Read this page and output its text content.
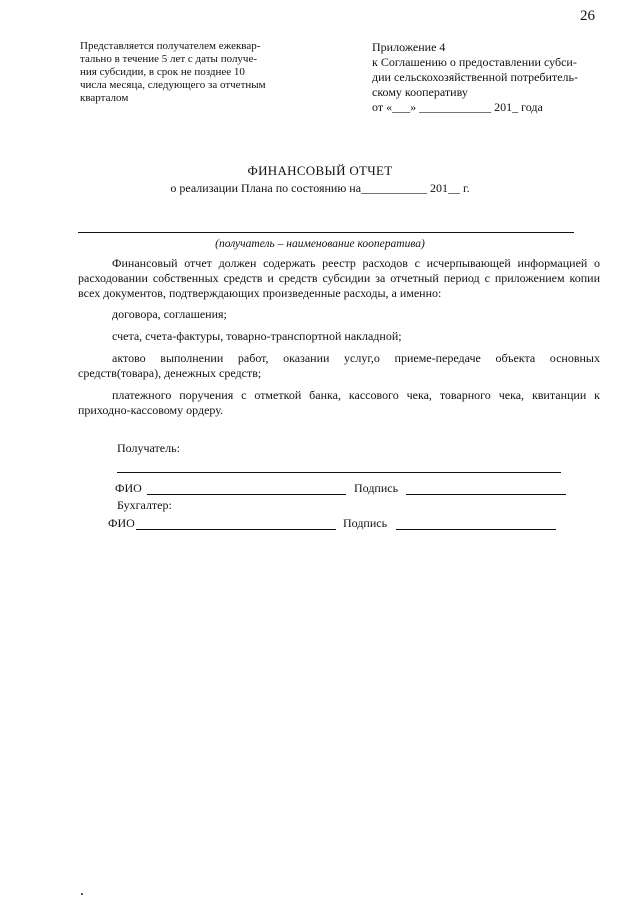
26
Представляется получателем ежеквар-
тально в течение 5 лет с даты получе-
ния субсидии, в срок не позднее 10
числа месяца, следующего за отчетным
кварталом
Приложение 4
к Соглашению о предоставлении субси-
дии сельскохозяйственной потребитель-
скому кооперативу
от «___» ____________ 201_ года
ФИНАНСОВЫЙ ОТЧЕТ
о реализации Плана по состоянию на___________ 201__ г.
(получатель – наименование кооператива)

Финансовый отчет должен содержать реестр расходов с исчерпывающей информацией о расходовании собственных средств и средств субсидии за отчетный период с приложением копии всех документов, подтверждающих произведенные расходы, а именно:

договора, соглашения;

счета, счета-фактуры, товарно-транспортной накладной;

актово выполнении работ, оказании услуг,о приеме-передаче объекта основных средств(товара), денежных средств;

платежного поручения с отметкой банка, кассового чека, товарного чека, квитанции к приходно-кассовому ордеру.

Получатель:
ФИО	Подпись
Бухгалтер:
ФИО	Подпись
